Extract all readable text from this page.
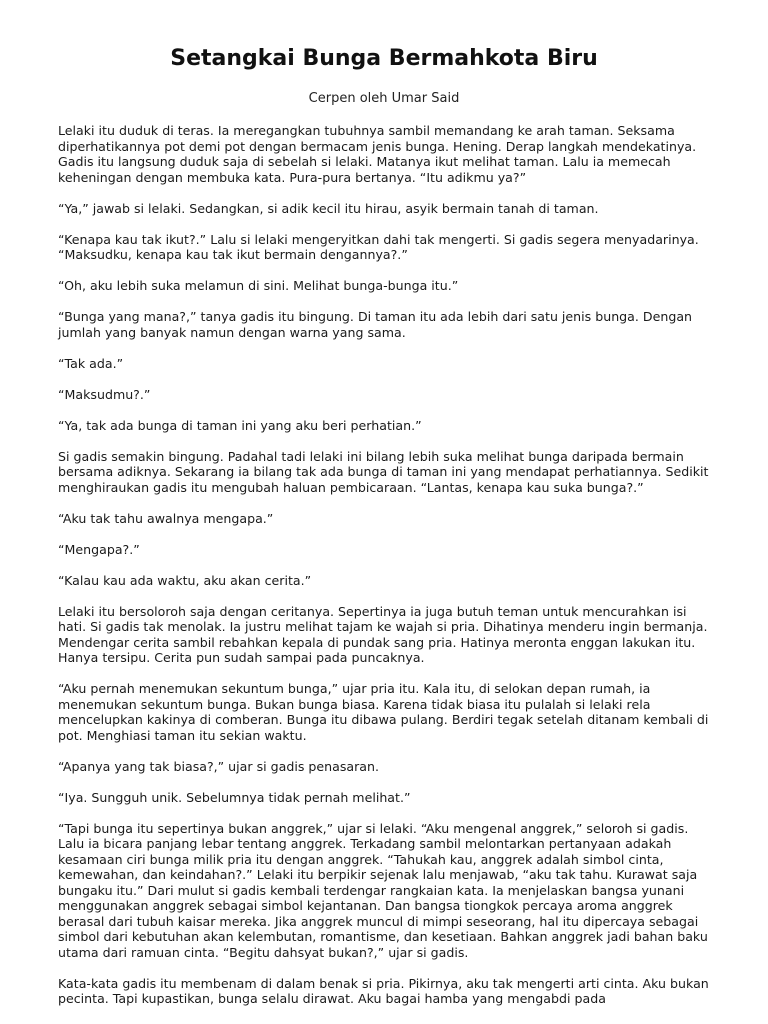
Setangkai Bunga Bermahkota Biru
Cerpen oleh Umar Said

Lelaki itu duduk di teras. Ia meregangkan tubuhnya sambil memandang ke arah taman. Seksama diperhatikannya pot demi pot dengan bermacam jenis bunga. Hening. Derap langkah mendekatinya. Gadis itu langsung duduk saja di sebelah si lelaki. Matanya ikut melihat taman. Lalu ia memecah keheningan dengan membuka kata. Pura-pura bertanya. “Itu adikmu ya?”

“Ya,” jawab si lelaki. Sedangkan, si adik kecil itu hirau, asyik bermain tanah di taman.

“Kenapa kau tak ikut?.” Lalu si lelaki mengeryitkan dahi tak mengerti. Si gadis segera menyadarinya. “Maksudku, kenapa kau tak ikut bermain dengannya?.”

“Oh, aku lebih suka melamun di sini. Melihat bunga-bunga itu.”

“Bunga yang mana?,” tanya gadis itu bingung. Di taman itu ada lebih dari satu jenis bunga. Dengan jumlah yang banyak namun dengan warna yang sama.

“Tak ada.”

“Maksudmu?.”

“Ya, tak ada bunga di taman ini yang aku beri perhatian.”

Si gadis semakin bingung. Padahal tadi lelaki ini bilang lebih suka melihat bunga daripada bermain bersama adiknya. Sekarang ia bilang tak ada bunga di taman ini yang mendapat perhatiannya. Sedikit menghiraukan gadis itu mengubah haluan pembicaraan. “Lantas, kenapa kau suka bunga?.”

“Aku tak tahu awalnya mengapa.”

“Mengapa?.”

“Kalau kau ada waktu, aku akan cerita.”

Lelaki itu bersoloroh saja dengan ceritanya. Sepertinya ia juga butuh teman untuk mencurahkan isi hati. Si gadis tak menolak. Ia justru melihat tajam ke wajah si pria. Dihatinya menderu ingin bermanja. Mendengar cerita sambil rebahkan kepala di pundak sang pria. Hatinya meronta enggan lakukan itu. Hanya tersipu. Cerita pun sudah sampai pada puncaknya.

“Aku pernah menemukan sekuntum bunga,” ujar pria itu. Kala itu, di selokan depan rumah, ia menemukan sekuntum bunga. Bukan bunga biasa. Karena tidak biasa itu pulalah si lelaki rela mencelupkan kakinya di comberan. Bunga itu dibawa pulang. Berdiri tegak setelah ditanam kembali di pot. Menghiasi taman itu sekian waktu.

“Apanya yang tak biasa?,” ujar si gadis penasaran.

“Iya. Sungguh unik. Sebelumnya tidak pernah melihat.”

“Tapi bunga itu sepertinya bukan anggrek,” ujar si lelaki. “Aku mengenal anggrek,” seloroh si gadis. Lalu ia bicara panjang lebar tentang anggrek. Terkadang sambil melontarkan pertanyaan adakah kesamaan ciri bunga milik pria itu dengan anggrek. “Tahukah kau, anggrek adalah simbol cinta, kemewahan, dan keindahan?.” Lelaki itu berpikir sejenak lalu menjawab, “aku tak tahu. Kurawat saja bungaku itu.” Dari mulut si gadis kembali terdengar rangkaian kata. Ia menjelaskan bangsa yunani menggunakan anggrek sebagai simbol kejantanan. Dan bangsa tiongkok percaya aroma anggrek berasal dari tubuh kaisar mereka. Jika anggrek muncul di mimpi seseorang, hal itu dipercaya sebagai simbol dari kebutuhan akan kelembutan, romantisme, dan kesetiaan. Bahkan anggrek jadi bahan baku utama dari ramuan cinta. “Begitu dahsyat bukan?,” ujar si gadis.

Kata-kata gadis itu membenam di dalam benak si pria. Pikirnya, aku tak mengerti arti cinta. Aku bukan pecinta. Tapi kupastikan, bunga selalu dirawat. Aku bagai hamba yang mengabdi pada
